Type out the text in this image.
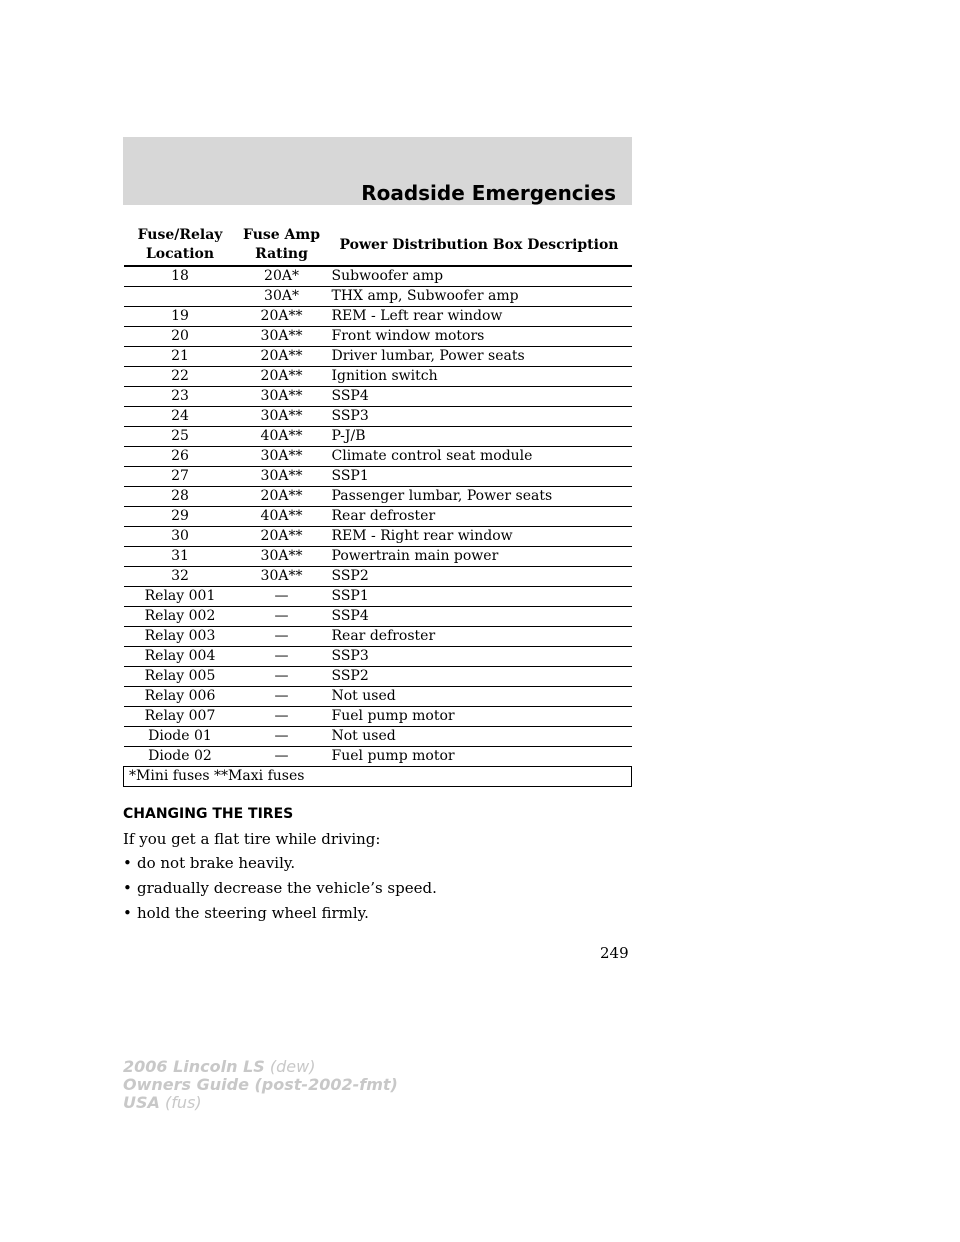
Roadside Emergencies
Fuse/Relay Location	Fuse Amp Rating	Power Distribution Box Description
18	20A*	Subwoofer amp
	30A*	THX amp, Subwoofer amp
19	20A**	REM - Left rear window
20	30A**	Front window motors
21	20A**	Driver lumbar, Power seats
22	20A**	Ignition switch
23	30A**	SSP4
24	30A**	SSP3
25	40A**	P-J/B
26	30A**	Climate control seat module
27	30A**	SSP1
28	20A**	Passenger lumbar, Power seats
29	40A**	Rear defroster
30	20A**	REM - Right rear window
31	30A**	Powertrain main power
32	30A**	SSP2
Relay 001	—	SSP1
Relay 002	—	SSP4
Relay 003	—	Rear defroster
Relay 004	—	SSP3
Relay 005	—	SSP2
Relay 006	—	Not used
Relay 007	—	Fuel pump motor
Diode 01	—	Not used
Diode 02	—	Fuel pump motor
*Mini fuses **Maxi fuses		
CHANGING THE TIRES
If you get a flat tire while driving:
• do not brake heavily.
• gradually decrease the vehicle’s speed.
• hold the steering wheel firmly.
249
2006 Lincoln LS (dew)
Owners Guide (post-2002-fmt)
USA (fus)
